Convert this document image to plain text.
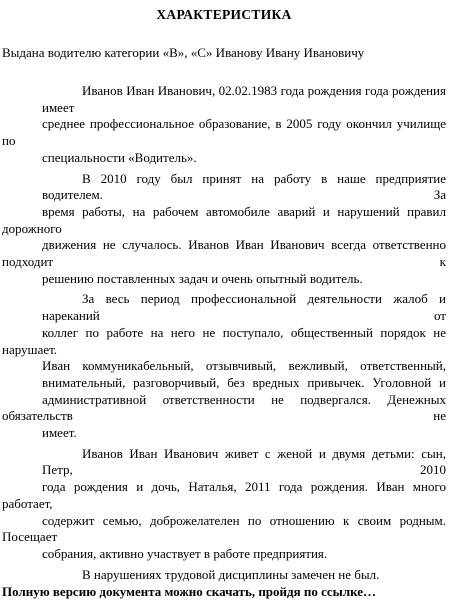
ХАРАКТЕРИСТИКА
Выдана водителю категории «В», «С» Иванову Ивану Ивановичу
Иванов Иван Иванович, 02.02.1983 года рождения года рождения имеет
среднее профессиональное образование, в 2005 году окончил училище по
специальности «Водитель».
В 2010 году был принят на работу в наше предприятие водителем. За
время работы, на рабочем автомобиле аварий и нарушений правил дорожного
движения не случалось. Иванов Иван Иванович всегда ответственно подходит к
решению поставленных задач и очень опытный водитель.
За весь период профессиональной деятельности жалоб и нареканий от
коллег по работе на него не поступало, общественный порядок не нарушает.
Иван коммуникабельный, отзывчивый, вежливый, ответственный,
внимательный, разговорчивый, без вредных привычек. Уголовной и
административной ответственности не подвергался. Денежных обязательств не
имеет.
Иванов Иван Иванович живет с женой и двумя детьми: сын, Петр, 2010
года рождения и дочь, Наталья, 2011 года рождения. Иван много работает,
содержит семью, доброжелателен по отношению к своим родным. Посещает
собрания, активно участвует в работе предприятия.
В нарушениях трудовой дисциплины замечен не был.
Полную версию документа можно скачать, пройдя по ссылке…
